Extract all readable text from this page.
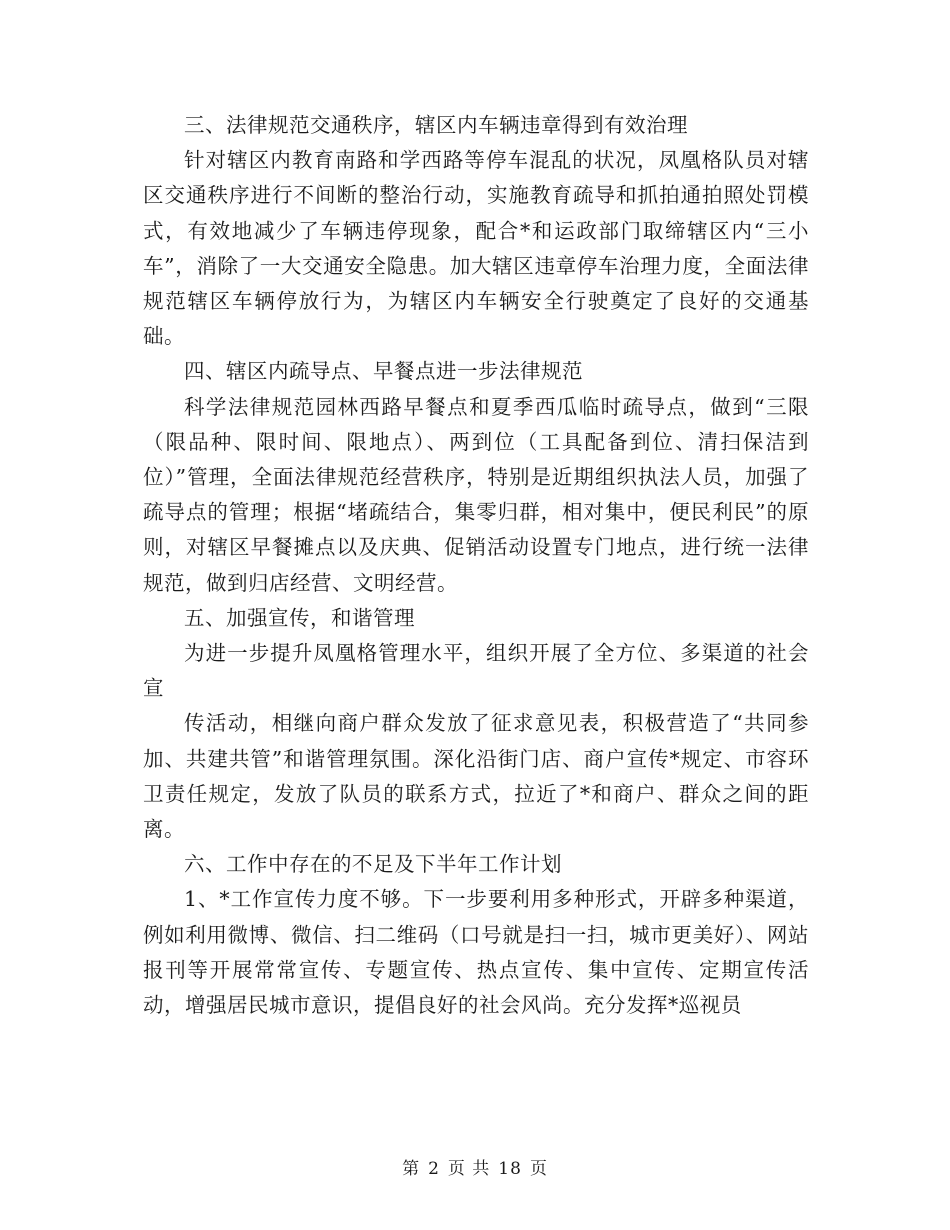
三、法律规范交通秩序，辖区内车辆违章得到有效治理

针对辖区内教育南路和学西路等停车混乱的状况，凤凰格队员对辖区交通秩序进行不间断的整治行动，实施教育疏导和抓拍通拍照处罚模式，有效地减少了车辆违停现象，配合*和运政部门取缔辖区内“三小车”，消除了一大交通安全隐患。加大辖区违章停车治理力度，全面法律规范辖区车辆停放行为，为辖区内车辆安全行驶奠定了良好的交通基础。

四、辖区内疏导点、早餐点进一步法律规范

科学法律规范园林西路早餐点和夏季西瓜临时疏导点，做到“三限（限品种、限时间、限地点）、两到位（工具配备到位、清扫保洁到位）”管理，全面法律规范经营秩序，特别是近期组织执法人员，加强了疏导点的管理；根据“堵疏结合，集零归群，相对集中，便民利民”的原则，对辖区早餐摊点以及庆典、促销活动设置专门地点，进行统一法律规范，做到归店经营、文明经营。

五、加强宣传，和谐管理

为进一步提升凤凰格管理水平，组织开展了全方位、多渠道的社会宣

传活动，相继向商户群众发放了征求意见表，积极营造了“共同参加、共建共管”和谐管理氛围。深化沿街门店、商户宣传*规定、市容环卫责任规定，发放了队员的联系方式，拉近了*和商户、群众之间的距离。

六、工作中存在的不足及下半年工作计划

1、*工作宣传力度不够。下一步要利用多种形式，开辟多种渠道，例如利用微博、微信、扫二维码（口号就是扫一扫，城市更美好）、网站报刊等开展常常宣传、专题宣传、热点宣传、集中宣传、定期宣传活动，增强居民城市意识，提倡良好的社会风尚。充分发挥*巡视员

第 2 页 共 18 页
